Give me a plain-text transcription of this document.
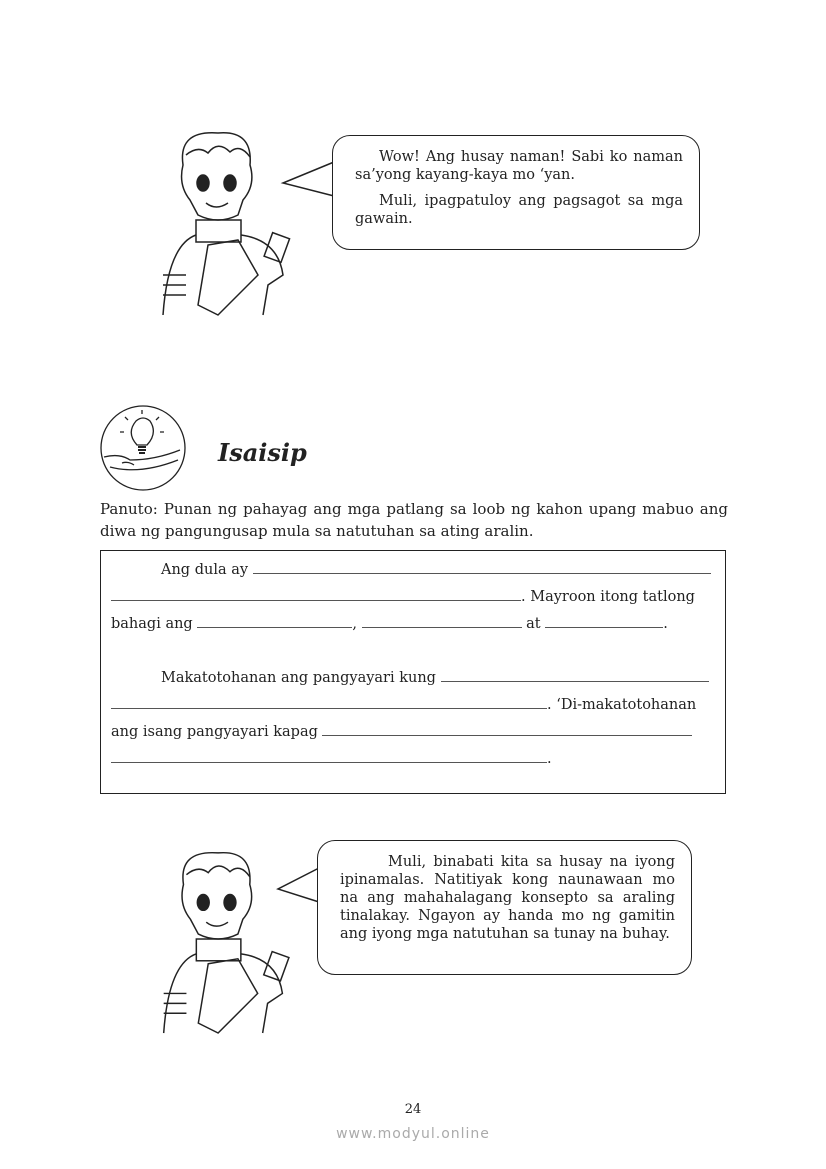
Wow! Ang husay naman! Sabi ko naman sa’yong kayang-kaya mo ‘yan.

Muli, ipagpatuloy ang pagsagot sa mga gawain.

Isaisip
Panuto: Punan ng pahayag ang mga patlang sa loob ng kahon upang mabuo ang diwa ng pangungusap mula sa natutuhan sa ating aralin.
Ang dula ay
. Mayroon itong tatlong
bahagi ang	,	at	.
Makatotohanan ang pangyayari kung
. ‘Di-makatotohanan
ang isang pangyayari kapag
.

Muli, binabati kita sa husay na iyong ipinamalas. Natitiyak kong naunawaan mo na ang mahahalagang konsepto sa araling tinalakay. Ngayon ay handa mo ng gamitin ang iyong mga natutuhan sa tunay na buhay.

24
www.modyul.online
